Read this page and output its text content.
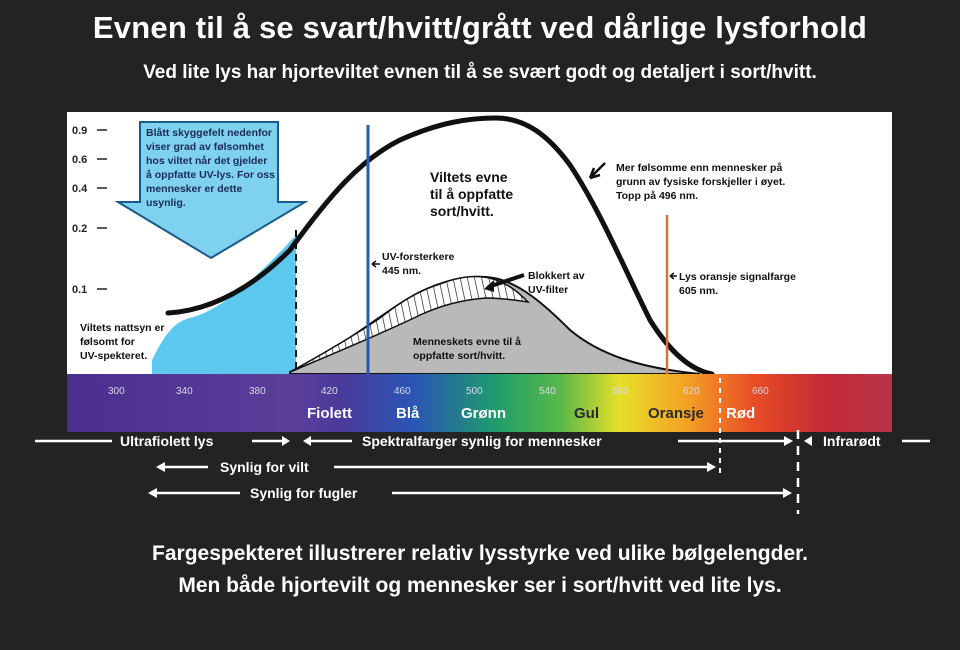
Evnen til å se svart/hvitt/grått ved dårlige lysforhold
Ved lite lys har hjorteviltet evnen til å se svært godt og detaljert i sort/hvitt.
0.9
0.6
0.4
0.2
0.1
Blått skyggefelt nedenfor
viser grad av følsomhet
hos viltet når det gjelder
å oppfatte UV-lys. For oss
mennesker er dette
usynlig.
Viltets evne
til å oppfatte
sort/hvitt.
Mer følsomme enn mennesker på
grunn av fysiske forskjeller i øyet.
Topp på 496 nm.
UV-forsterkere
445 nm.	Blokkert av
UV-filter
Lys oransje signalfarge
605 nm.
Menneskets evne til å
oppfatte sort/hvitt.
Viltets nattsyn er
følsomt for
UV-spekteret.
300	340	380	420	460	500	540	580	620	660
Fiolett	Blå	Grønn	Gul	Oransje Rød
Ultrafiolett lys	Spektralfarger synlig for mennesker	Infrarødt
Synlig for vilt
Synlig for fugler
Fargespekteret illustrerer relativ lysstyrke ved ulike bølgelengder.
Men både hjortevilt og mennesker ser i sort/hvitt ved lite lys.
